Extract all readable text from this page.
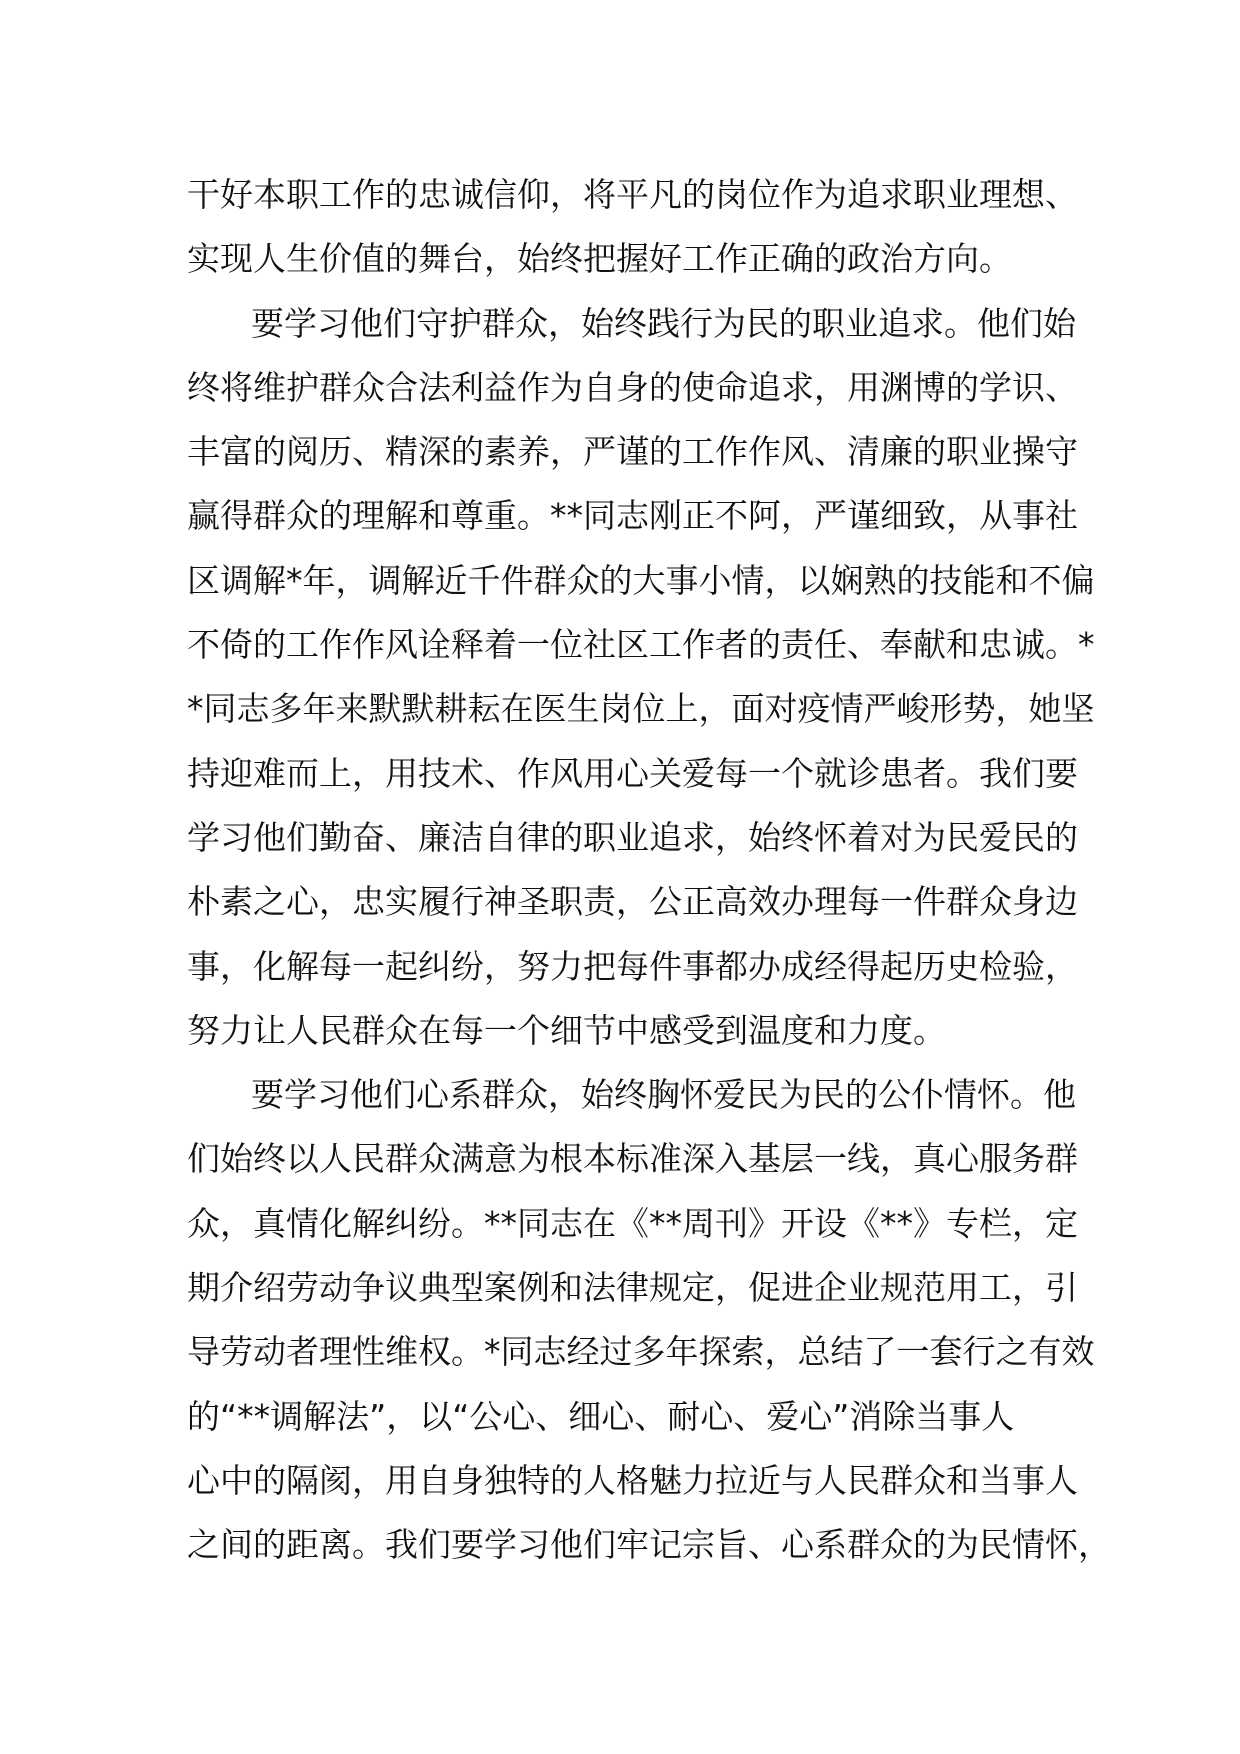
干好本职工作的忠诚信仰，将平凡的岗位作为追求职业理想、
实现人生价值的舞台，始终把握好工作正确的政治方向。
要学习他们守护群众，始终践行为民的职业追求。他们始
终将维护群众合法利益作为自身的使命追求，用渊博的学识、
丰富的阅历、精深的素养，严谨的工作作风、清廉的职业操守
赢得群众的理解和尊重。**同志刚正不阿，严谨细致，从事社
区调解*年，调解近千件群众的大事小情，以娴熟的技能和不偏
不倚的工作作风诠释着一位社区工作者的责任、奉献和忠诚。*
*同志多年来默默耕耘在医生岗位上，面对疫情严峻形势，她坚
持迎难而上，用技术、作风用心关爱每一个就诊患者。我们要
学习他们勤奋、廉洁自律的职业追求，始终怀着对为民爱民的
朴素之心，忠实履行神圣职责，公正高效办理每一件群众身边
事，化解每一起纠纷，努力把每件事都办成经得起历史检验，
努力让人民群众在每一个细节中感受到温度和力度。
要学习他们心系群众，始终胸怀爱民为民的公仆情怀。他
们始终以人民群众满意为根本标准深入基层一线，真心服务群
众，真情化解纠纷。**同志在《**周刊》开设《**》专栏，定
期介绍劳动争议典型案例和法律规定，促进企业规范用工，引
导劳动者理性维权。*同志经过多年探索，总结了一套行之有效
的“**调解法”，以“公心、细心、耐心、爱心”消除当事人
心中的隔阂，用自身独特的人格魅力拉近与人民群众和当事人
之间的距离。我们要学习他们牢记宗旨、心系群众的为民情怀，
